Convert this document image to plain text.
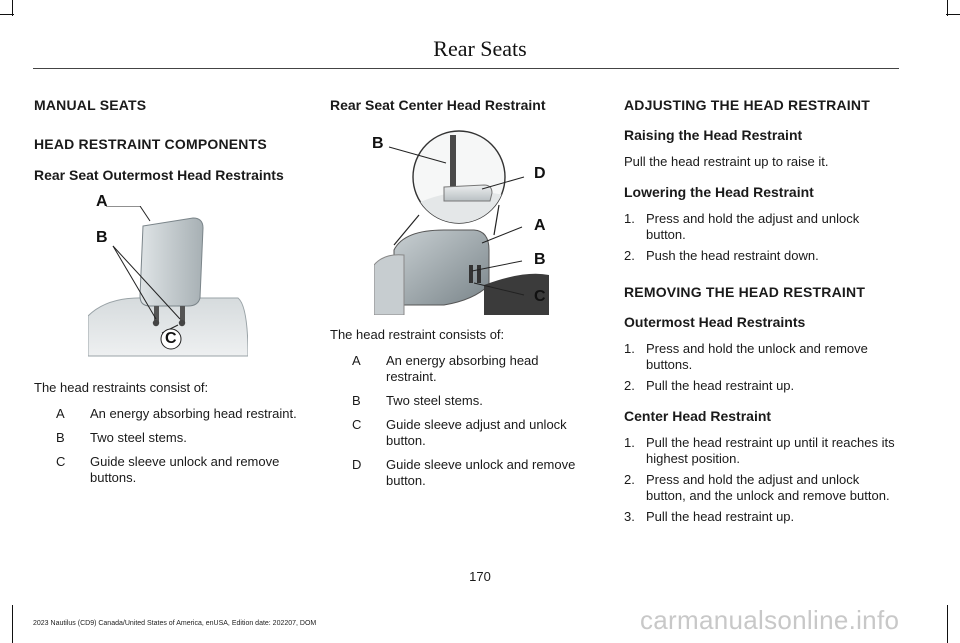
Rear Seats
MANUAL SEATS
HEAD RESTRAINT COMPONENTS
Rear Seat Outermost Head Restraints
A
B
C

The head restraints consist of:

A	An energy absorbing head restraint.
B	Two steel stems.
C	Guide sleeve unlock and remove buttons.
Rear Seat Center Head Restraint
B
D
A
B
C

The head restraint consists of:

A	An energy absorbing head restraint.
B	Two steel stems.
C	Guide sleeve adjust and unlock button.
D	Guide sleeve unlock and remove button.
ADJUSTING THE HEAD RESTRAINT
Raising the Head Restraint

Pull the head restraint up to raise it.

Lowering the Head Restraint
1. Press and hold the adjust and unlock button.
2. Push the head restraint down.
REMOVING THE HEAD RESTRAINT
Outermost Head Restraints
1. Press and hold the unlock and remove buttons.
2. Pull the head restraint up.
Center Head Restraint
1. Pull the head restraint up until it reaches its highest position.
2. Press and hold the adjust and unlock button, and the unlock and remove button.
3. Pull the head restraint up.
170
2023 Nautilus (CD9) Canada/United States of America, enUSA, Edition date: 202207, DOM	carmanualsonline.info
